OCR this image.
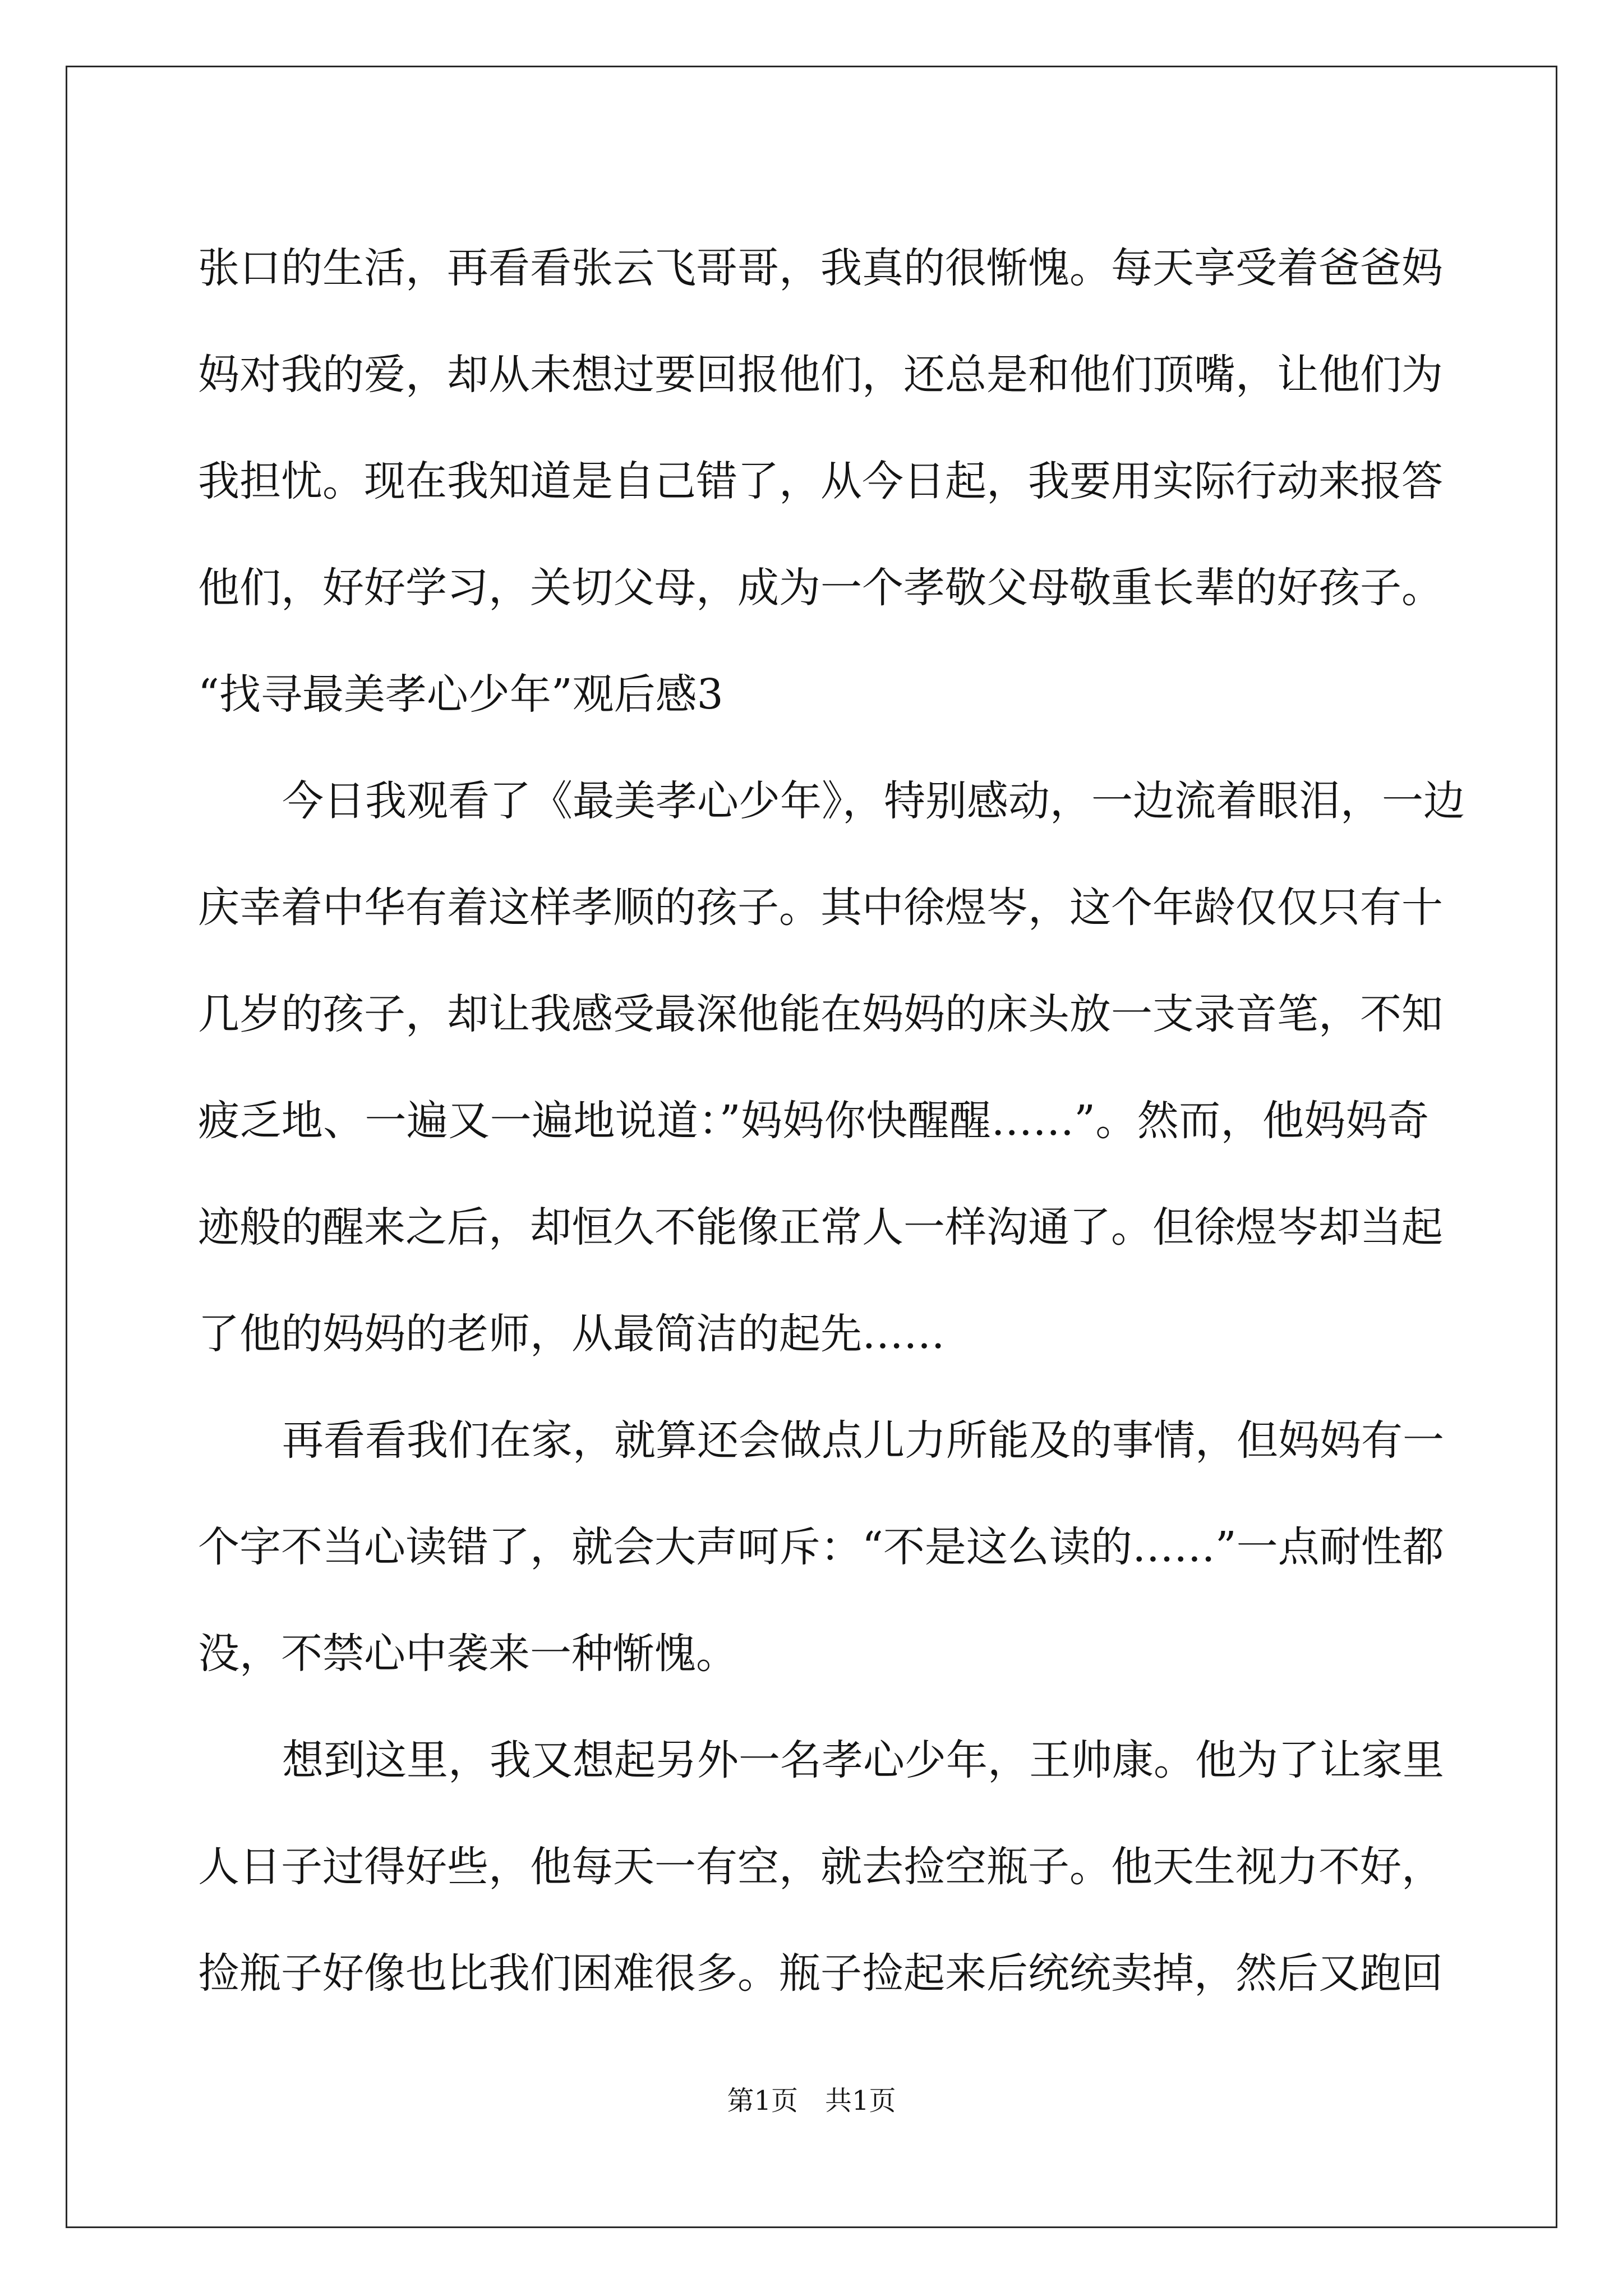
张口的生活，再看看张云飞哥哥，我真的很惭愧。每天享受着爸爸妈
妈对我的爱，却从未想过要回报他们，还总是和他们顶嘴，让他们为
我担忧。现在我知道是自己错了，从今日起，我要用实际行动来报答
他们，好好学习，关切父母，成为一个孝敬父母敬重长辈的好孩子。
“找寻最美孝心少年”观后感3
今日我观看了《最美孝心少年》，特别感动，一边流着眼泪，一边
庆幸着中华有着这样孝顺的孩子。其中徐煜岑，这个年龄仅仅只有十
几岁的孩子，却让我感受最深他能在妈妈的床头放一支录音笔，不知
疲乏地、一遍又一遍地说道：”妈妈你快醒醒……”。然而，他妈妈奇
迹般的醒来之后，却恒久不能像正常人一样沟通了。但徐煜岑却当起
了他的妈妈的老师，从最简洁的起先……
再看看我们在家，就算还会做点儿力所能及的事情，但妈妈有一
个字不当心读错了，就会大声呵斥：“不是这么读的……”一点耐性都
没，不禁心中袭来一种惭愧。
想到这里，我又想起另外一名孝心少年，王帅康。他为了让家里
人日子过得好些，他每天一有空，就去捡空瓶子。他天生视力不好，
捡瓶子好像也比我们困难很多。瓶子捡起来后统统卖掉，然后又跑回
第1页　共1页
